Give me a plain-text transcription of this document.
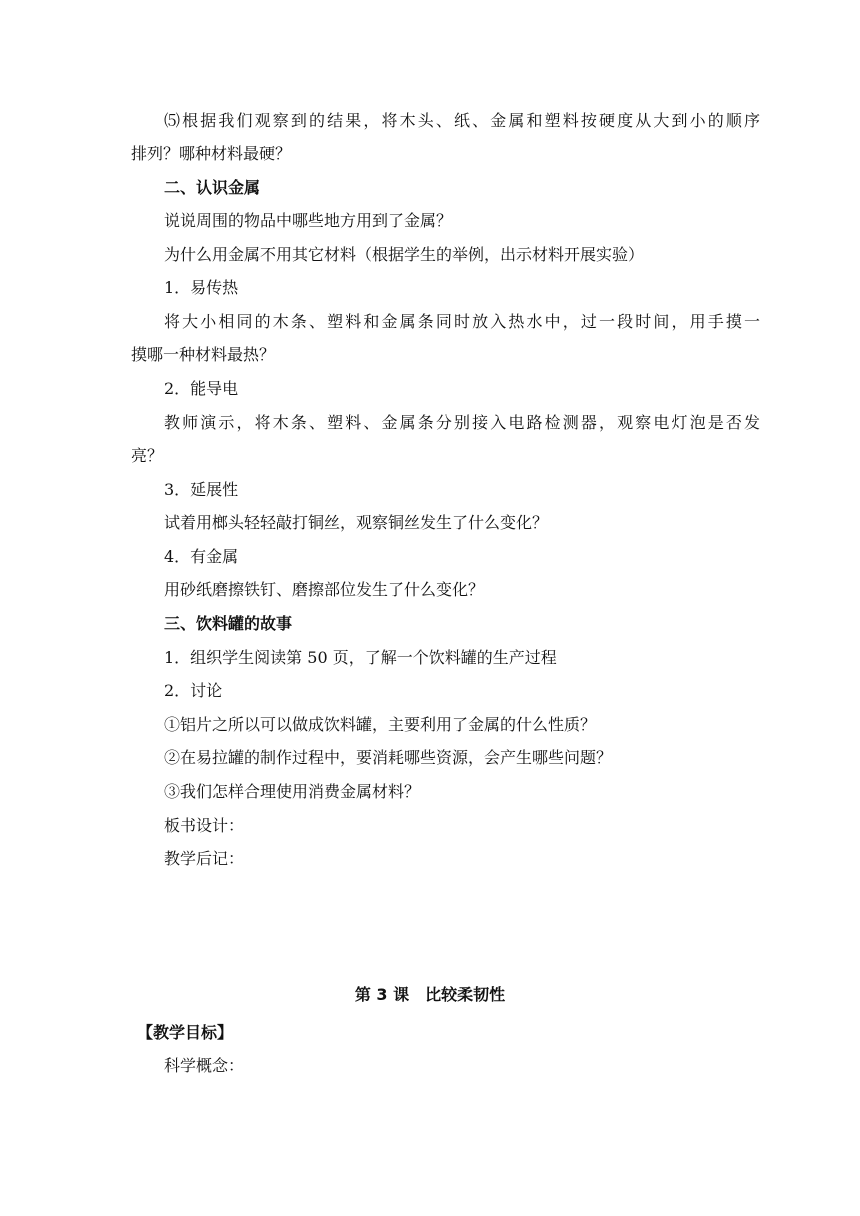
⑸根据我们观察到的结果，将木头、纸、金属和塑料按硬度从大到小的顺序
排列？哪种材料最硬？
二、认识金属
说说周围的物品中哪些地方用到了金属？
为什么用金属不用其它材料（根据学生的举例，出示材料开展实验）
1．易传热
将大小相同的木条、塑料和金属条同时放入热水中，过一段时间，用手摸一
摸哪一种材料最热？
2．能导电
教师演示，将木条、塑料、金属条分别接入电路检测器，观察电灯泡是否发
亮？
3．延展性
试着用榔头轻轻敲打铜丝，观察铜丝发生了什么变化？
4．有金属
用砂纸磨擦铁钉、磨擦部位发生了什么变化？
三、饮料罐的故事
1．组织学生阅读第 50 页，了解一个饮料罐的生产过程
2．讨论
①铝片之所以可以做成饮料罐，主要利用了金属的什么性质？
②在易拉罐的制作过程中，要消耗哪些资源，会产生哪些问题？
③我们怎样合理使用消费金属材料？
板书设计：
教学后记：
第 3 课　比较柔韧性
【教学目标】
科学概念：
